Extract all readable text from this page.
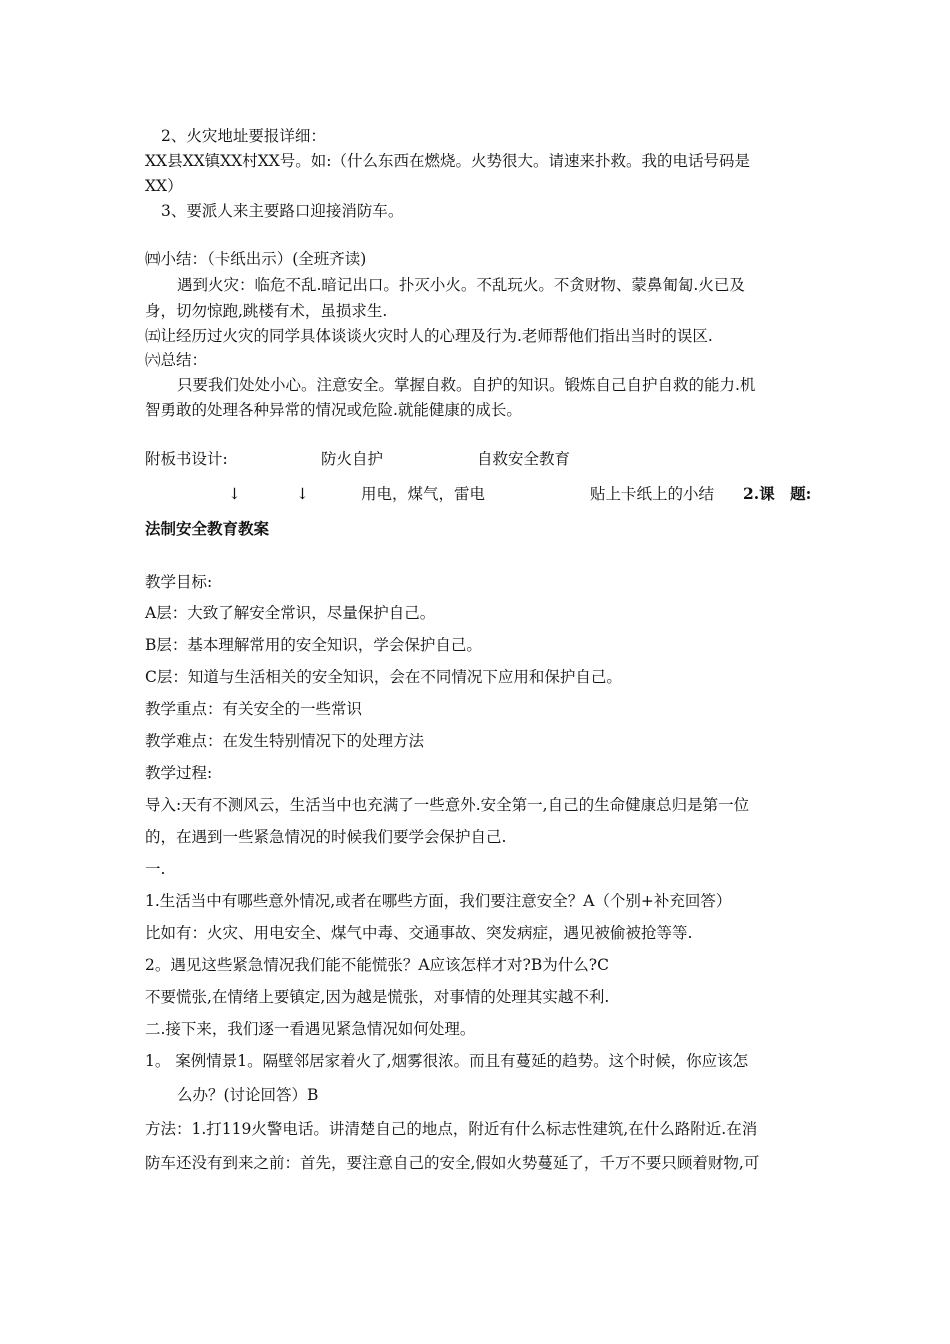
2、火灾地址要报详细：
XX县XX镇XX村XX号。如:（什么东西在燃烧。火势很大。请速来扑救。我的电话号码是
XX）
3、要派人来主要路口迎接消防车。
㈣小结：（卡纸出示）(全班齐读)
遇到火灾：临危不乱.暗记出口。扑灭小火。不乱玩火。不贪财物、蒙鼻匍匐.火已及
身，切勿惊跑,跳楼有术，虽损求生.
㈤让经历过火灾的同学具体谈谈火灾时人的心理及行为.老师帮他们指出当时的误区.
㈥总结：
只要我们处处小心。注意安全。掌握自救。自护的知识。锻炼自己自护自救的能力.机
智勇敢的处理各种异常的情况或危险.就能健康的成长。
附板书设计:	防火自护	自救安全教育
↓	↓	用电，煤气，雷电	贴上卡纸上的小结 2.课　题:
法制安全教育教案
教学目标:
A层：大致了解安全常识，尽量保护自己。
B层：基本理解常用的安全知识，学会保护自己。
C层：知道与生活相关的安全知识，会在不同情况下应用和保护自己。
教学重点：有关安全的一些常识
教学难点：在发生特别情况下的处理方法
教学过程:
导入:天有不测风云，生活当中也充满了一些意外.安全第一,自己的生命健康总归是第一位
的，在遇到一些紧急情况的时候我们要学会保护自己.
一.
1.生活当中有哪些意外情况,或者在哪些方面，我们要注意安全？A（个别+补充回答）
比如有：火灾、用电安全、煤气中毒、交通事故、突发病症，遇见被偷被抢等等.
2。遇见这些紧急情况我们能不能慌张？A应该怎样才对?B为什么?C
不要慌张,在情绪上要镇定,因为越是慌张，对事情的处理其实越不利.
二.接下来，我们逐一看遇见紧急情况如何处理。
1。 案例情景1。隔壁邻居家着火了,烟雾很浓。而且有蔓延的趋势。这个时候，你应该怎
么办？(讨论回答）B
方法：1.打119火警电话。讲清楚自己的地点，附近有什么标志性建筑,在什么路附近.在消
防车还没有到来之前：首先，要注意自己的安全,假如火势蔓延了，千万不要只顾着财物,可
